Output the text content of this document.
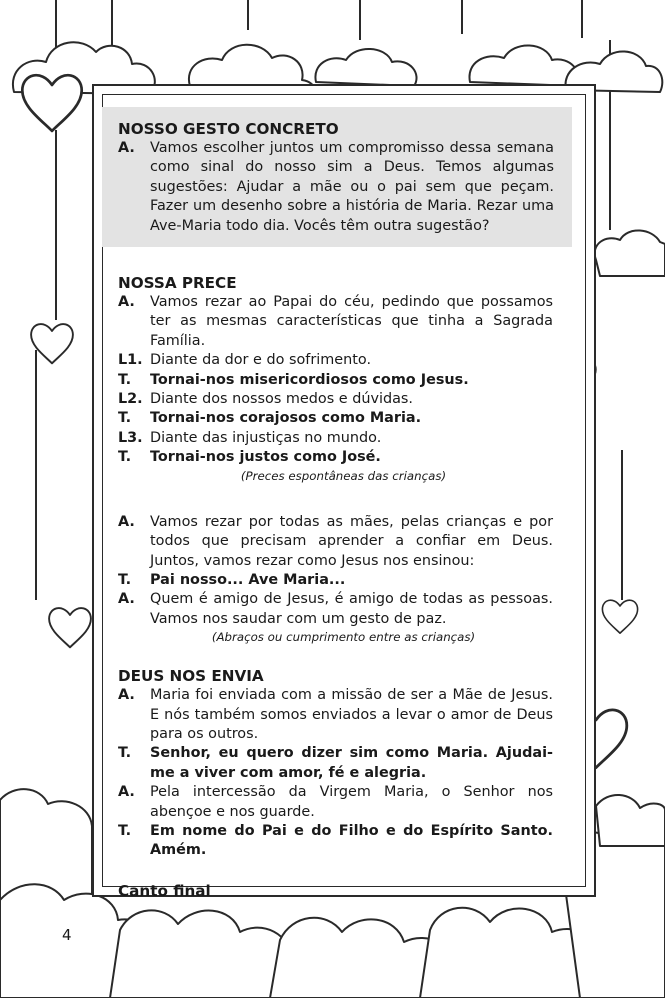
NOSSO GESTO CONCRETO
A.	Vamos escolher juntos um compromisso dessa semana como sinal do nosso sim a Deus. Temos algumas sugestões: Ajudar a mãe ou o pai sem que peçam. Fazer um desenho sobre a história de Maria. Rezar uma Ave-Maria todo dia. Vocês têm outra sugestão?
NOSSA PRECE
A.	Vamos rezar ao Papai do céu, pedindo que possamos ter as mesmas características que tinha a Sagrada Família.
L1. Diante da dor e do sofrimento.
T.	Tornai-nos misericordiosos como Jesus.
L2. Diante dos nossos medos e dúvidas.
T.	Tornai-nos corajosos como Maria.
L3. Diante das injustiças no mundo.
T.	Tornai-nos justos como José.
(Preces espontâneas das crianças)
A.	Vamos rezar por todas as mães, pelas crianças e por todos que precisam aprender a confiar em Deus. Juntos, vamos rezar como Jesus nos ensinou:
T.	Pai nosso... Ave Maria...
A.	Quem é amigo de Jesus, é amigo de todas as pessoas. Vamos nos saudar com um gesto de paz.
(Abraços ou cumprimento entre as crianças)
DEUS NOS ENVIA
A.	Maria foi enviada com a missão de ser a Mãe de Jesus. E nós também somos enviados a levar o amor de Deus para os outros.
T.	Senhor, eu quero dizer sim como Maria. Ajudai-me a viver com amor, fé e alegria.
A.	Pela intercessão da Virgem Maria, o Senhor nos abençoe e nos guarde.
T.	Em nome do Pai e do Filho e do Espírito Santo. Amém.
Canto final
4
